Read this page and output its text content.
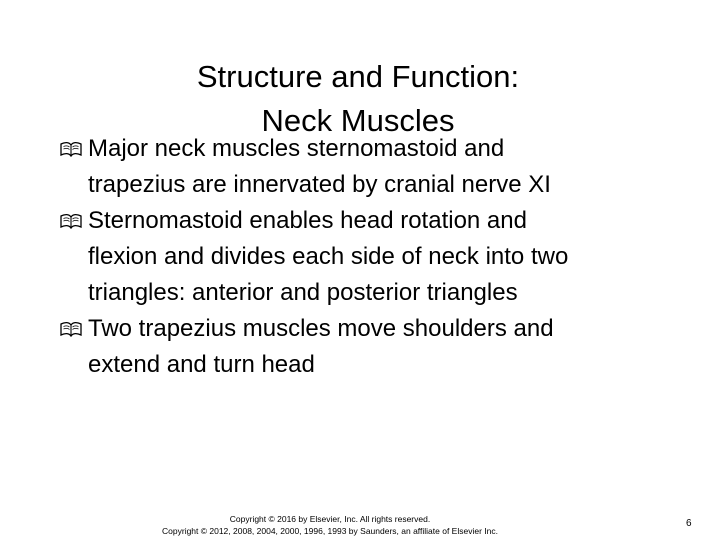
Structure and Function:
Neck Muscles
Major neck muscles sternomastoid and
trapezius are innervated by cranial nerve XI
Sternomastoid enables head rotation and
flexion and divides each side of neck into two
triangles: anterior and posterior triangles
Two trapezius muscles move shoulders and
extend and turn head
Copyright © 2016 by Elsevier, Inc. All rights reserved.
Copyright © 2012, 2008, 2004, 2000, 1996, 1993 by Saunders, an affiliate of Elsevier Inc.
6
